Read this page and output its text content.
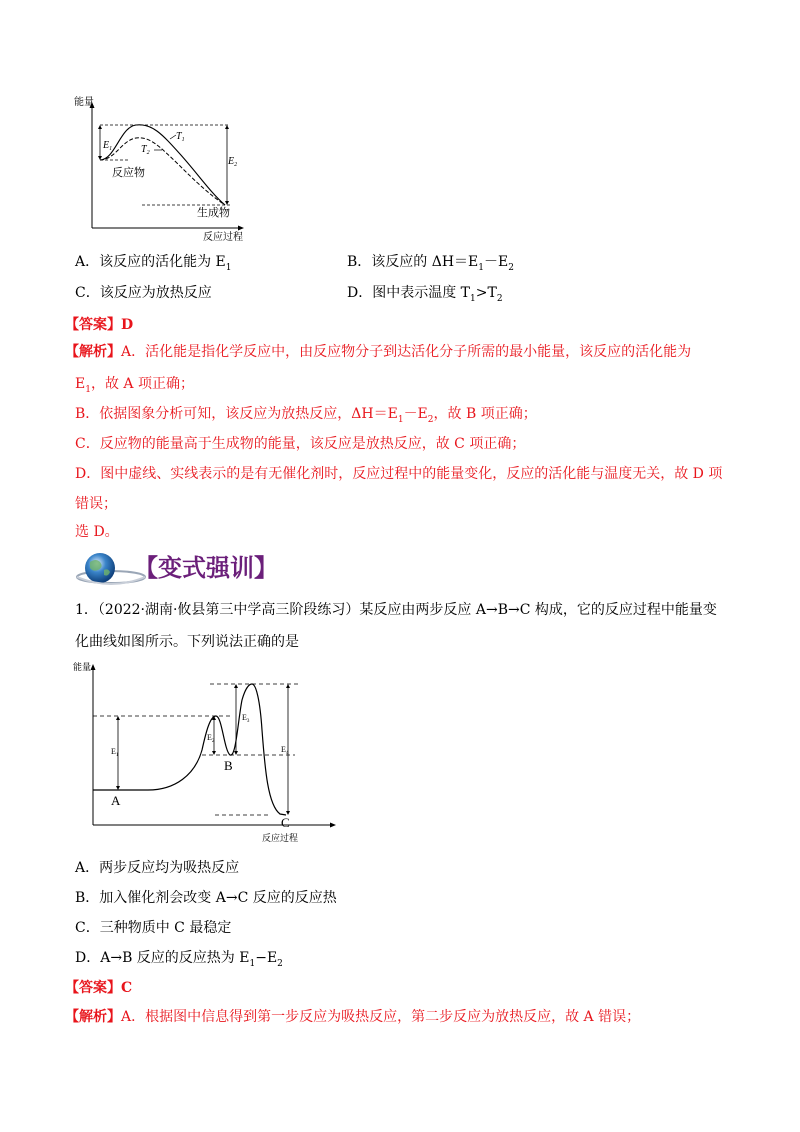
能量
$E_1$
$E_2$
$T_1$
$T_2$
反应物
生成物
反应过程
A．该反应的活化能为 $E_1$	B．该反应的 $\Delta H=E_1-E_2$
C．该反应为放热反应	D．图中表示温度 $T_1>T_2$
【答案】D
【解析】A．活化能是指化学反应中，由反应物分子到达活化分子所需的最小能量，该反应的活化能为
$E_1$，故 A 项正确；
B．依据图象分析可知，该反应为放热反应，$\Delta H=E_1-E_2$，故 B 项正确；
C．反应物的能量高于生成物的能量，该反应是放热反应，故 C 项正确；
D．图中虚线、实线表示的是有无催化剂时，反应过程中的能量变化，反应的活化能与温度无关，故 D 项
错误；
选 D。
【变式强训】
1．（2022·湖南·攸县第三中学高三阶段练习）某反应由两步反应 A→B→C 构成，它的反应过程中能量变
化曲线如图所示。下列说法正确的是
能量
$E_1$
$E_2$
$E_3$
$E_4$
A
B
C
反应过程
A．两步反应均为吸热反应
B．加入催化剂会改变 A→C 反应的反应热
C．三种物质中 C 最稳定
D．A→B 反应的反应热为 $E_1-E_2$
【答案】C
【解析】A．根据图中信息得到第一步反应为吸热反应，第二步反应为放热反应，故 A 错误；
